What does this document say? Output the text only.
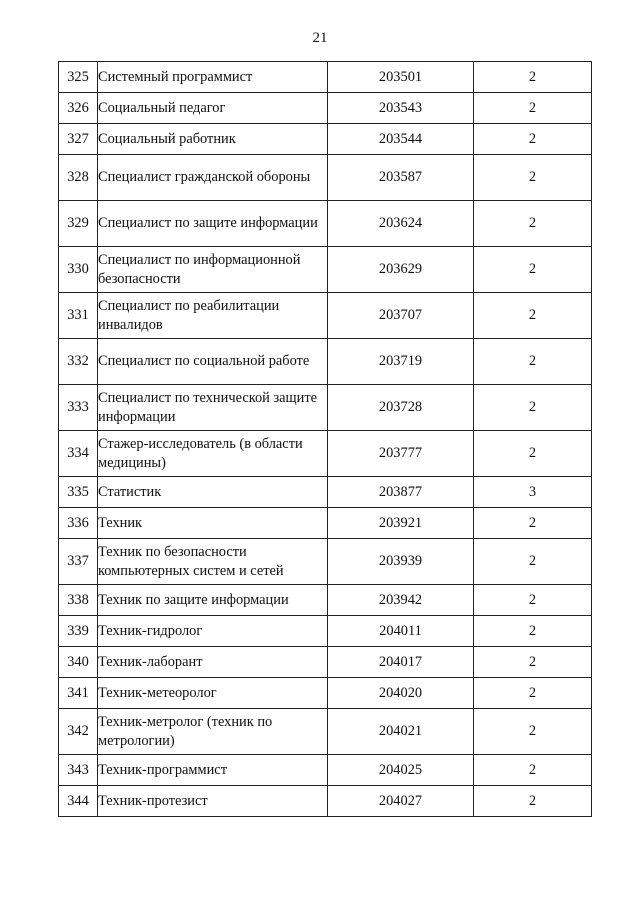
21
325	Системный программист	203501	2
326	Социальный педагог	203543	2
327	Социальный работник	203544	2
328	Специалист гражданской обороны	203587	2
329	Специалист по защите информации	203624	2
330	Специалист по информационной безопасности	203629	2
331	Специалист по реабилитации инвалидов	203707	2
332	Специалист по социальной работе	203719	2
333	Специалист по технической защите информации	203728	2
334	Стажер-исследователь (в области медицины)	203777	2
335	Статистик	203877	3
336	Техник	203921	2
337	Техник по безопасности компьютерных систем и сетей	203939	2
338	Техник по защите информации	203942	2
339	Техник-гидролог	204011	2
340	Техник-лаборант	204017	2
341	Техник-метеоролог	204020	2
342	Техник-метролог (техник по метрологии)	204021	2
343	Техник-программист	204025	2
344	Техник-протезист	204027	2
